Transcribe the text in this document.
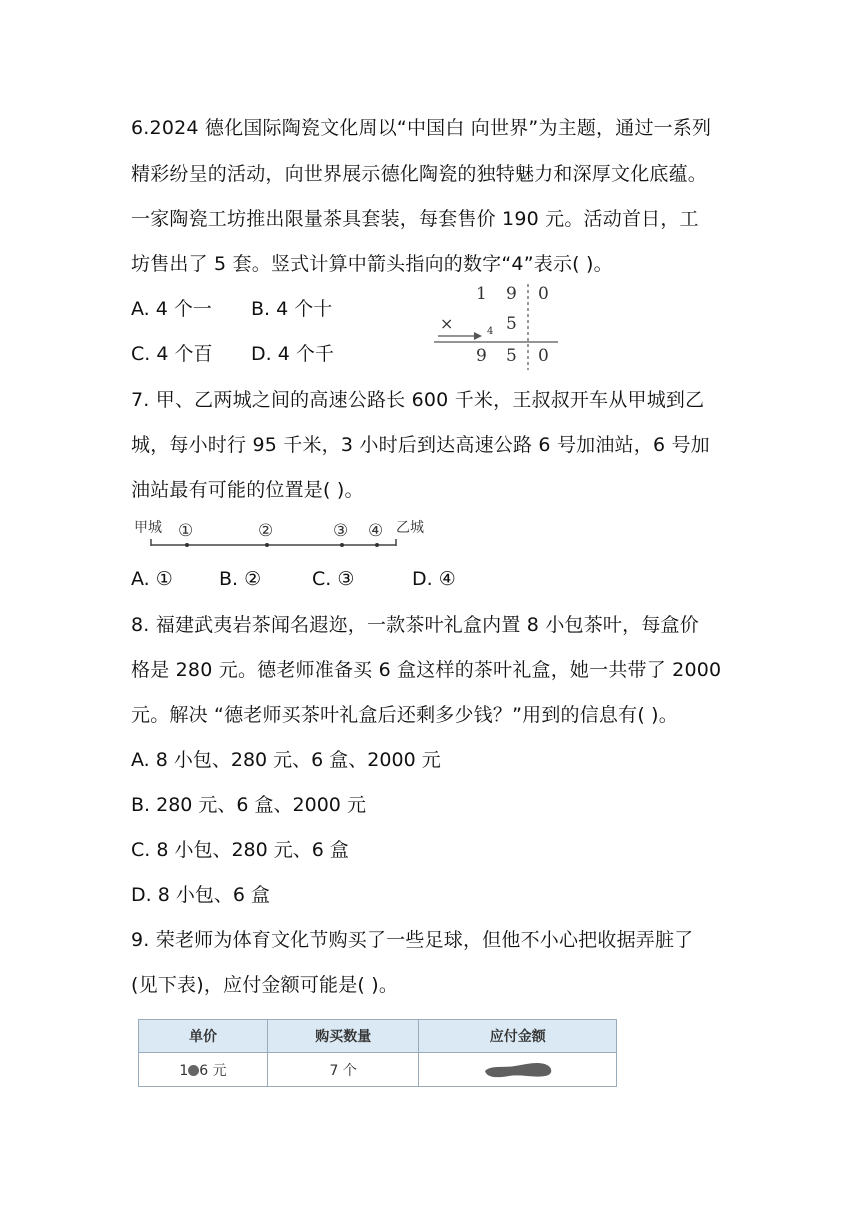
6.2024 德化国际陶瓷文化周以“中国白 向世界”为主题，通过一系列
精彩纷呈的活动，向世界展示德化陶瓷的独特魅力和深厚文化底蕴。
一家陶瓷工坊推出限量茶具套装，每套售价 190 元。活动首日，工
坊售出了 5 套。竖式计算中箭头指向的数字“4”表示( )。
A. 4 个一 B. 4 个十
C. 4 个百 D. 4 个千
1 9 0
×	4 5
9 5 0
7. 甲、乙两城之间的高速公路长 600 千米，王叔叔开车从甲城到乙
城，每小时行 95 千米，3 小时后到达高速公路 6 号加油站，6 号加
油站最有可能的位置是( )。
甲城	乙城
①	②	③ ④
A. ① B. ②	C. ③	D. ④
8. 福建武夷岩茶闻名遐迩，一款茶叶礼盒内置 8 小包茶叶，每盒价
格是 280 元。德老师准备买 6 盒这样的茶叶礼盒，她一共带了 2000
元。解决 “德老师买茶叶礼盒后还剩多少钱？”用到的信息有( )。
A. 8 小包、280 元、6 盒、2000 元
B. 280 元、6 盒、2000 元
C. 8 小包、280 元、6 盒
D. 8 小包、6 盒
9. 荣老师为体育文化节购买了一些足球，但他不小心把收据弄脏了
(见下表)，应付金额可能是( )。
单价	购买数量	应付金额
1 6 元	7 个	
